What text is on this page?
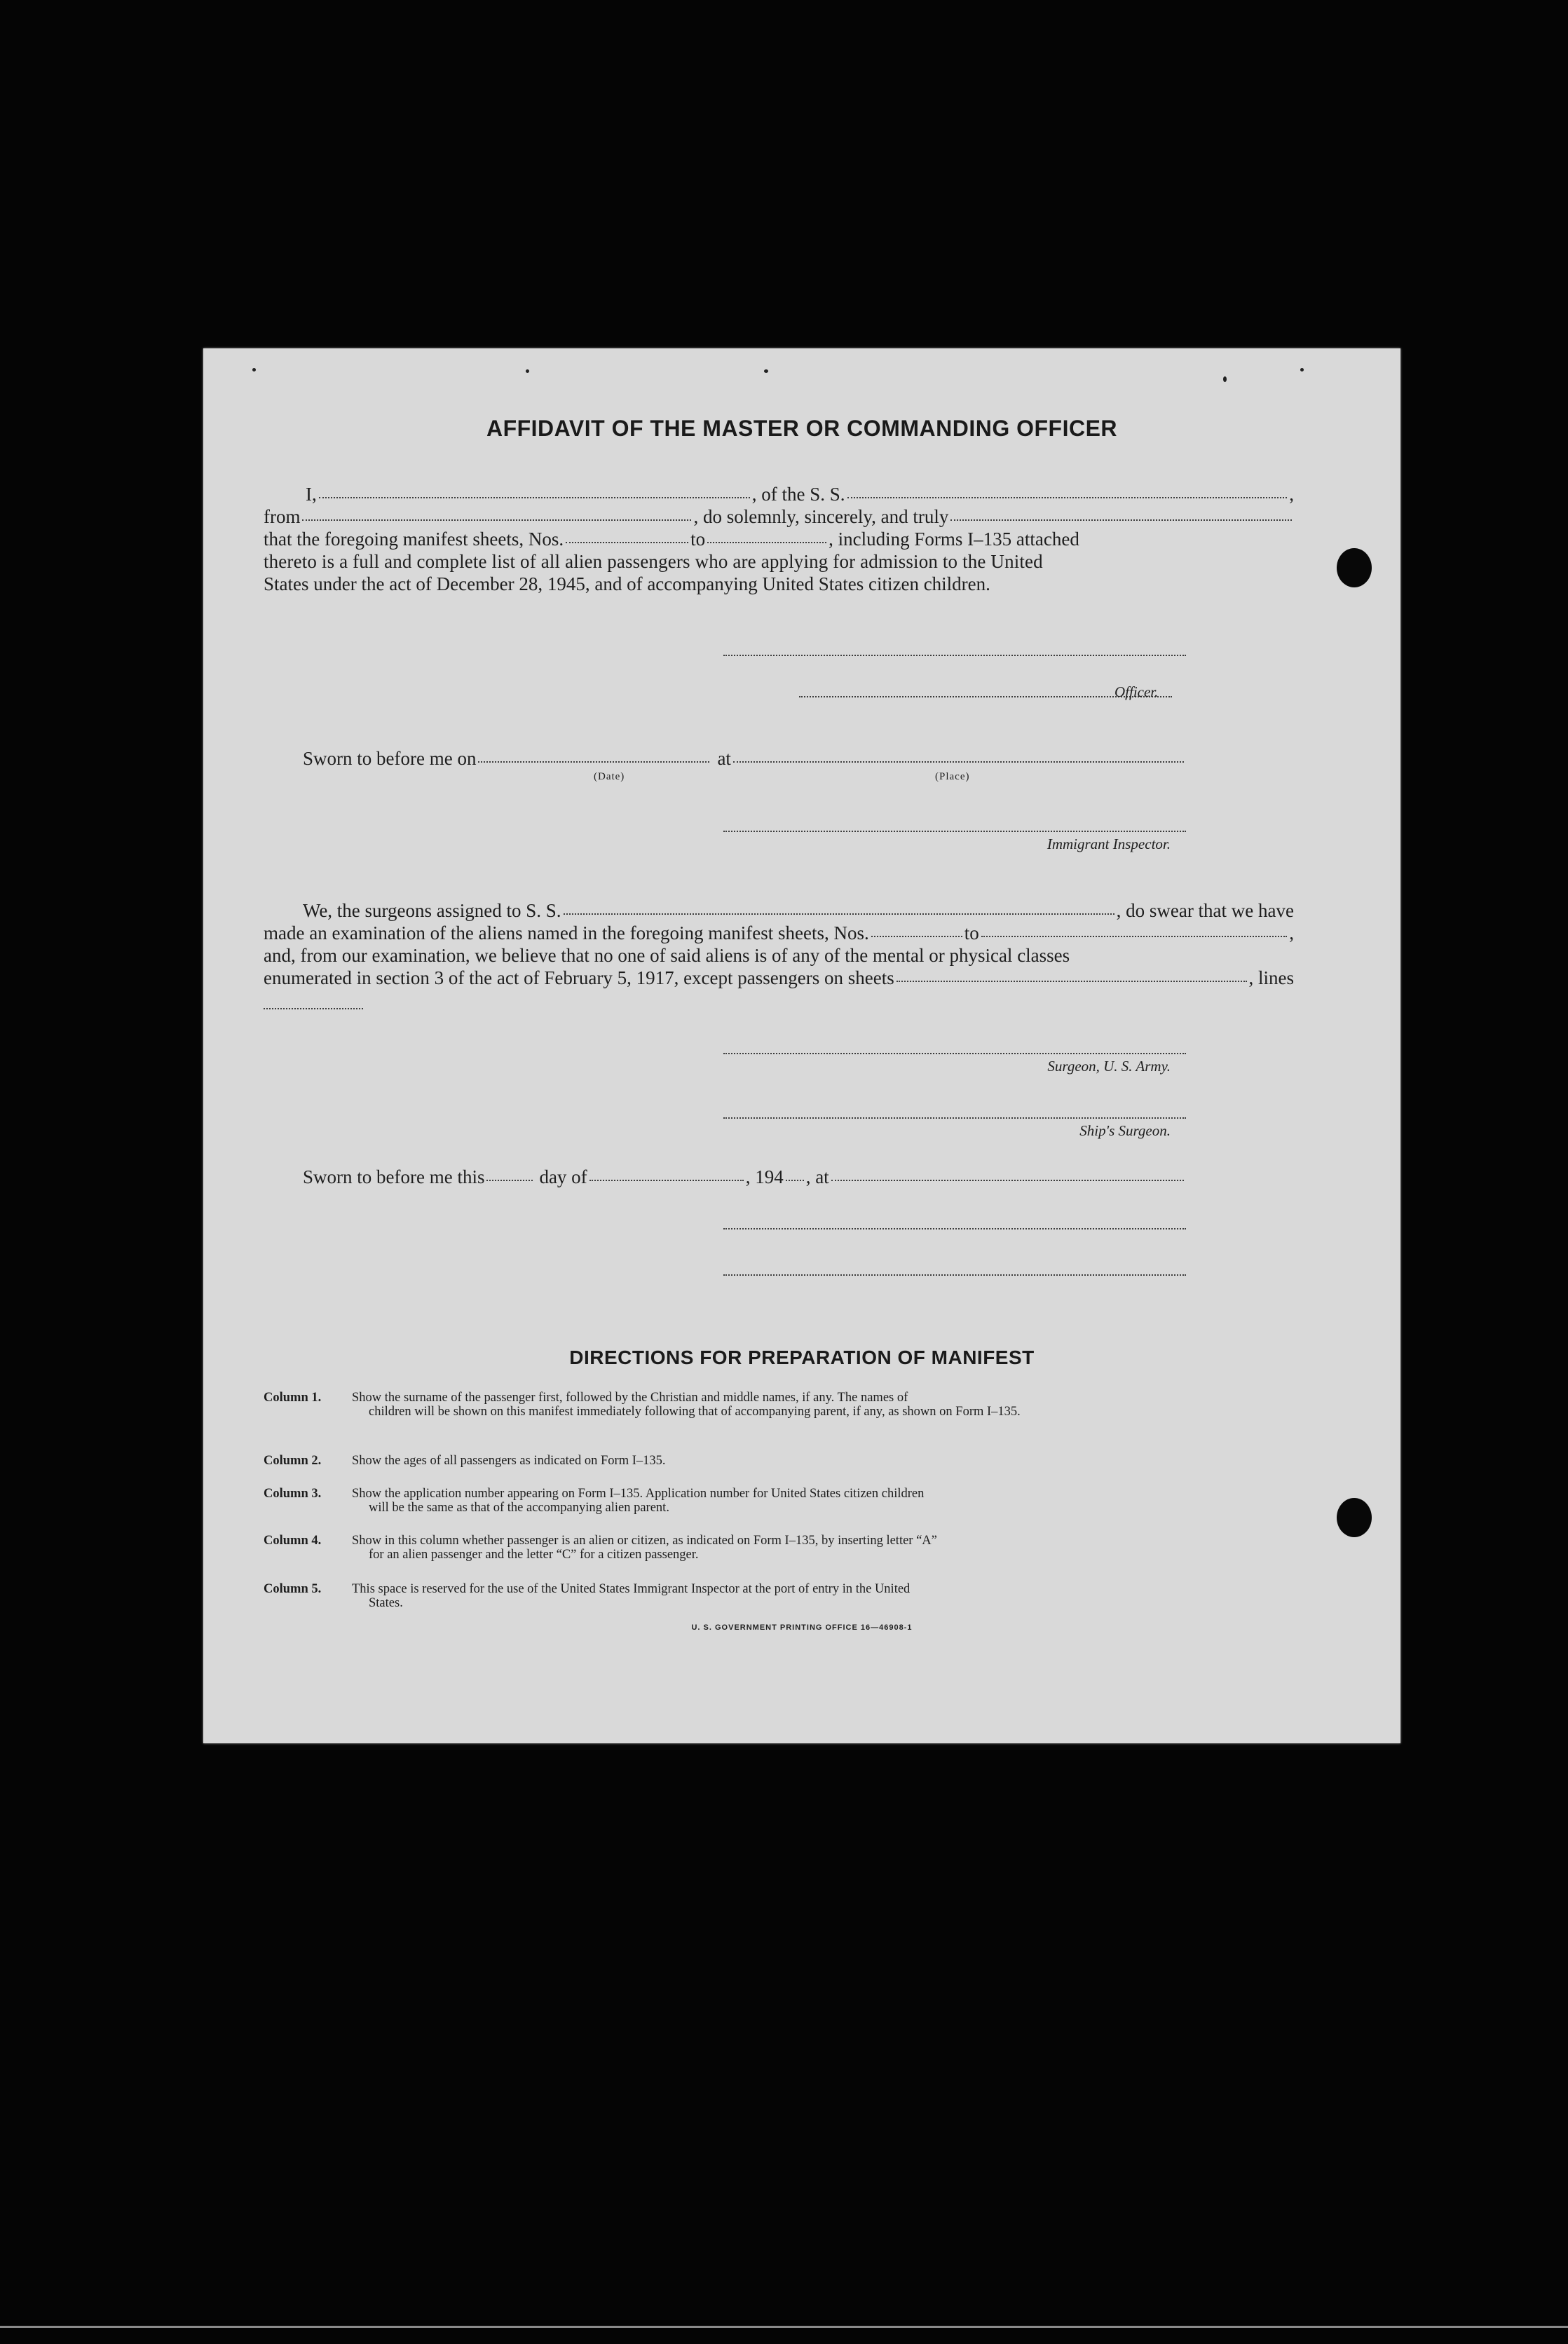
AFFIDAVIT OF THE MASTER OR COMMANDING OFFICER
I,	, of the S. S.	,
from	, do solemnly, sincerely, and truly
that the foregoing manifest sheets, Nos.	to	, including Forms I–135 attached
thereto is a full and complete list of all alien passengers who are applying for admission to the United
States under the act of December 28, 1945, and of accompanying United States citizen children.
Officer.
Sworn to before me on	at
(Date)	(Place)
Immigrant Inspector.
We, the surgeons assigned to S. S.	, do swear that we have
made an examination of the aliens named in the foregoing manifest sheets, Nos.	to	,
and, from our examination, we believe that no one of said aliens is of any of the mental or physical classes
enumerated in section 3 of the act of February 5, 1917, except passengers on sheets	, lines
Surgeon, U. S. Army.
Ship's Surgeon.
Sworn to before me this	day of	, 194 , at
DIRECTIONS FOR PREPARATION OF MANIFEST
Column 1.	Show the surname of the passenger first, followed by the Christian and middle names, if any. The names of
children will be shown on this manifest immediately following that of accompanying parent, if any, as shown on Form I–135.
Column 2.	Show the ages of all passengers as indicated on Form I–135.
Column 3.	Show the application number appearing on Form I–135. Application number for United States citizen children
will be the same as that of the accompanying alien parent.
Column 4.	Show in this column whether passenger is an alien or citizen, as indicated on Form I–135, by inserting letter “A”
for an alien passenger and the letter “C” for a citizen passenger.
Column 5.	This space is reserved for the use of the United States Immigrant Inspector at the port of entry in the United
States.
U. S. GOVERNMENT PRINTING OFFICE 16—46908-1
